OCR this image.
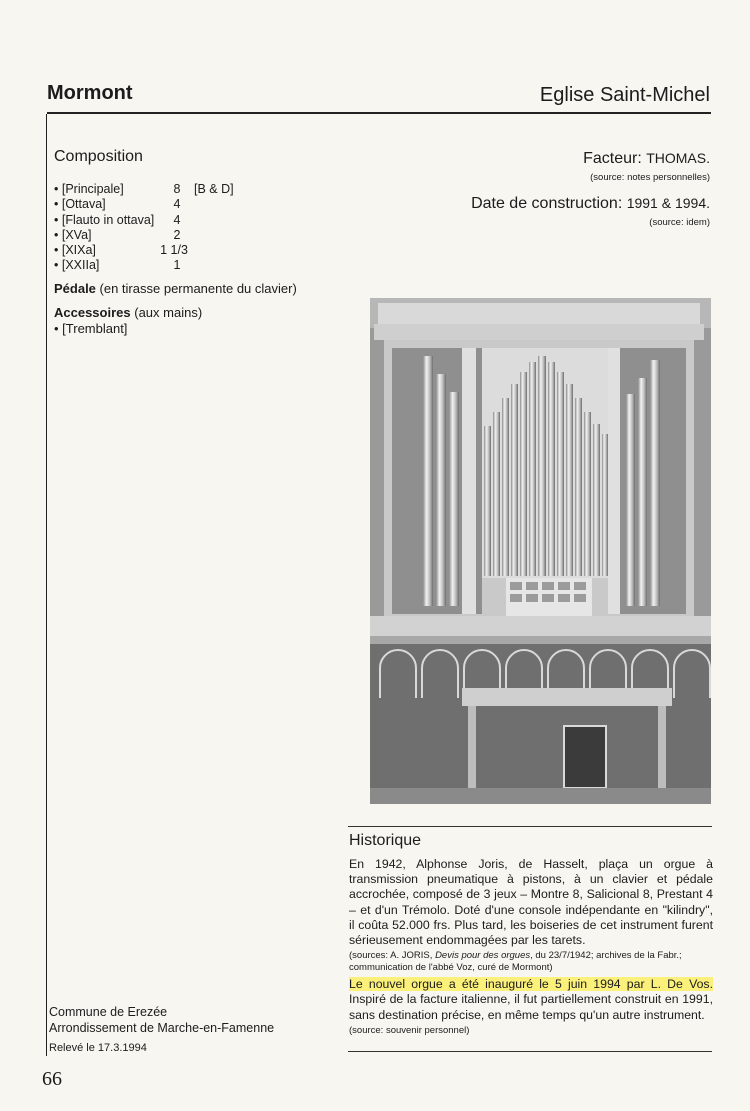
Mormont	Eglise Saint-Michel
Composition
• [Principale]	8	[B & D]
• [Ottava]	4
• [Flauto in ottava]	4
• [XVa]	2
• [XIXa]	1 1/3
• [XXIIa]	1
Pédale (en tirasse permanente du clavier)
Accessoires (aux mains)
• [Tremblant]
Facteur: THOMAS.
(source: notes personnelles)
Date de construction: 1991 & 1994.
(source: idem)
Historique
En 1942, Alphonse Joris, de Hasselt, plaça un orgue à transmission pneumatique à pistons, à un clavier et pédale accrochée, composé de 3 jeux – Montre 8, Salicional 8, Prestant 4 – et d'un Trémolo. Doté d'une console indépendante en "kilindry", il coûta 52.000 frs. Plus tard, les boiseries de cet instrument furent sérieusement endommagées par les tarets.
(sources: A. JORIS, Devis pour des orgues, du 23/7/1942; archives de la Fabr.; communication de l'abbé Voz, curé de Mormont)
Le nouvel orgue a été inauguré le 5 juin 1994 par L. De Vos. Inspiré de la facture italienne, il fut partiellement construit en 1991, sans destination précise, en même temps qu'un autre instrument.
(source: souvenir personnel)
Commune de Erezée
Arrondissement de Marche-en-Famenne
Relevé le 17.3.1994
66
